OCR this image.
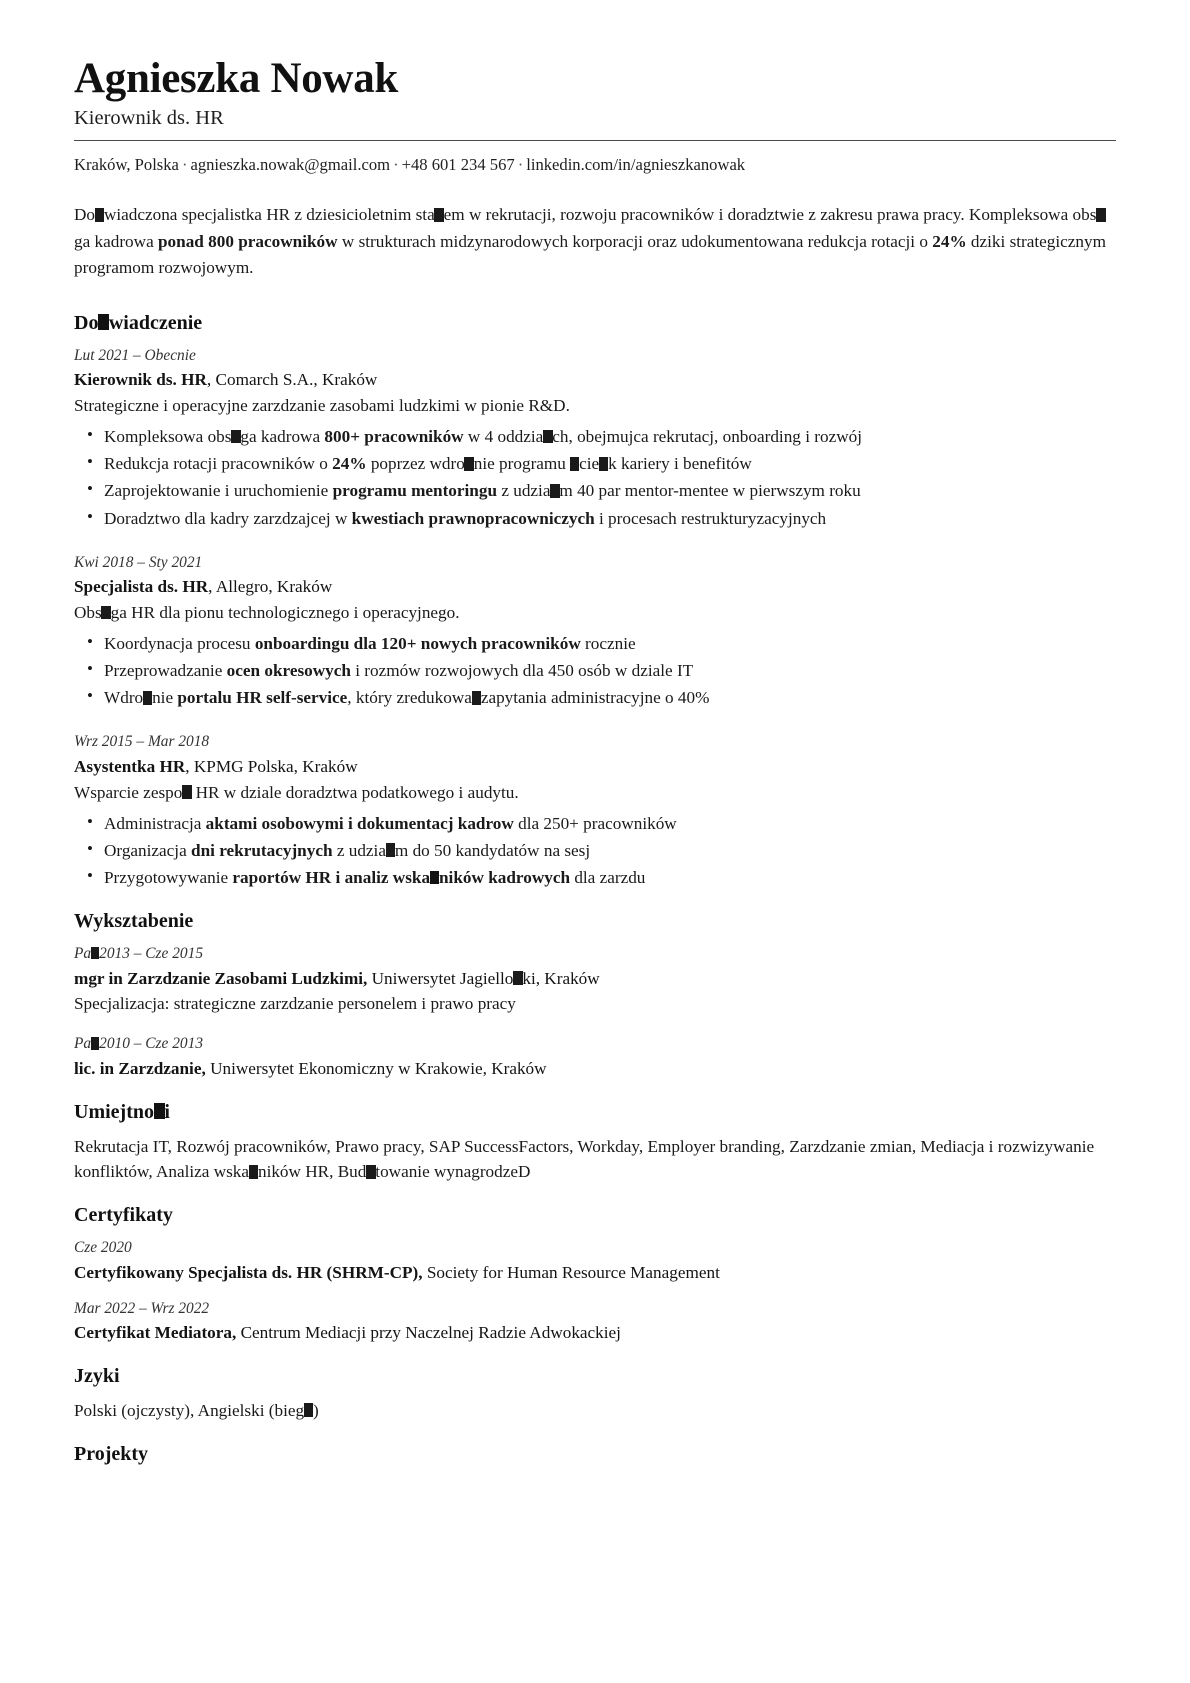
Agnieszka Nowak
Kierownik ds. HR
Kraków, Polska · agnieszka.nowak@gmail.com · +48 601 234 567 · linkedin.com/in/agnieszkanowak

Do wiadczona specjalistka HR z dziesicioletnim sta em w rekrutacji, rozwoju pracowników i doradztwie z zakresu prawa pracy. Kompleksowa obsga kadrowa ponad 800 pracowników w strukturach midzynarodowych korporacji oraz udokumentowana redukcja rotacji o 24% dziki strategicznym programom rozwojowym.

Do wiadczenie
Lut 2021 – Obecnie
Kierownik ds. HR, Comarch S.A., Kraków
Strategiczne i operacyjne zarzdzanie zasobami ludzkimi w pionie R&D.
• Kompleksowa obs ga kadrowa 800+ pracowników w 4 oddzia ch, obejmujca rekrutacj, onboarding i rozwój
• Redukcja rotacji pracowników o 24% poprzez wdro nie programu cie k kariery i benefitów
• Zaprojektowanie i uruchomienie programu mentoringu z udzia m 40 par mentor-mentee w pierwszym roku
• Doradztwo dla kadry zarzdzajcej w kwestiach prawnopracowniczych i procesach restrukturyzacyjnych
Kwi 2018 – Sty 2021
Specjalista ds. HR, Allegro, Kraków
Obs ga HR dla pionu technologicznego i operacyjnego.
• Koordynacja procesu onboardingu dla 120+ nowych pracowników rocznie
• Przeprowadzanie ocen okresowych i rozmów rozwojowych dla 450 osób w dziale IT
• Wdro nie portalu HR self-service, który zredukowa zapytania administracyjne o 40%
Wrz 2015 – Mar 2018
Asystentka HR, KPMG Polska, Kraków
Wsparcie zespo HR w dziale doradztwa podatkowego i audytu.
• Administracja aktami osobowymi i dokumentacj kadrow dla 250+ pracowników
• Organizacja dni rekrutacyjnych z udzia m do 50 kandydatów na sesj
• Przygotowywanie raportów HR i analiz wska ników kadrowych dla zarzdu
Wyksztabenie
Pa 2013 – Cze 2015
mgr in Zarzdzanie Zasobami Ludzkimi, Uniwersytet Jagiello ki, Kraków
Specjalizacja: strategiczne zarzdzanie personelem i prawo pracy
Pa 2010 – Cze 2013
lic. in Zarzdzanie, Uniwersytet Ekonomiczny w Krakowie, Kraków
Umiejtno i

Rekrutacja IT, Rozwój pracowników, Prawo pracy, SAP SuccessFactors, Workday, Employer branding, Zarzdzanie zmian, Mediacja i rozwizywanie konfliktów, Analiza wska ników HR, Bud towanie wynagrodzeD

Certyfikaty
Cze 2020
Certyfikowany Specjalista ds. HR (SHRM-CP), Society for Human Resource Management
Mar 2022 – Wrz 2022
Certyfikat Mediatora, Centrum Mediacji przy Naczelnej Radzie Adwokackiej
Jzyki

Polski (ojczysty), Angielski (bieg )

Projekty
